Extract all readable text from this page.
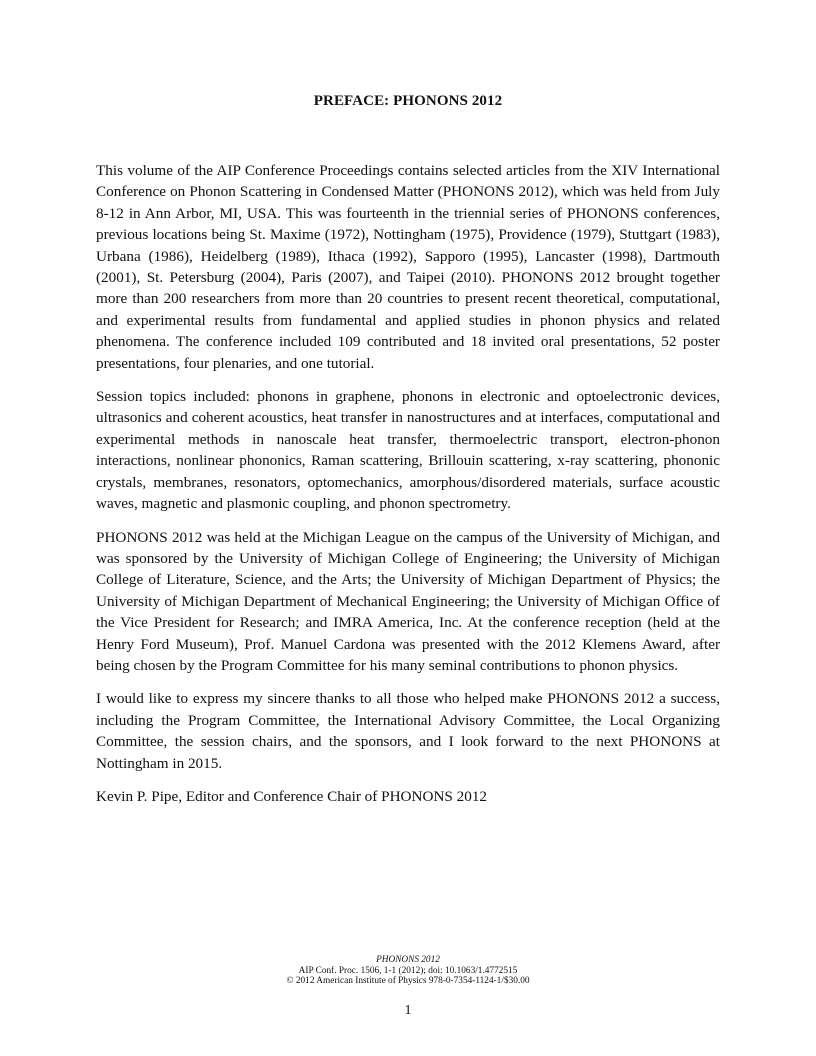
PREFACE: PHONONS 2012

This volume of the AIP Conference Proceedings contains selected articles from the XIV International Conference on Phonon Scattering in Condensed Matter (PHONONS 2012), which was held from July 8-12 in Ann Arbor, MI, USA. This was fourteenth in the triennial series of PHONONS conferences, previous locations being St. Maxime (1972), Nottingham (1975), Providence (1979), Stuttgart (1983), Urbana (1986), Heidelberg (1989), Ithaca (1992), Sapporo (1995), Lancaster (1998), Dartmouth (2001), St. Petersburg (2004), Paris (2007), and Taipei (2010). PHONONS 2012 brought together more than 200 researchers from more than 20 countries to present recent theoretical, computational, and experimental results from fundamental and applied studies in phonon physics and related phenomena. The conference included 109 contributed and 18 invited oral presentations, 52 poster presentations, four plenaries, and one tutorial.

Session topics included: phonons in graphene, phonons in electronic and optoelectronic devices, ultrasonics and coherent acoustics, heat transfer in nanostructures and at interfaces, computational and experimental methods in nanoscale heat transfer, thermoelectric transport, electron-phonon interactions, nonlinear phononics, Raman scattering, Brillouin scattering, x-ray scattering, phononic crystals, membranes, resonators, optomechanics, amorphous/disordered materials, surface acoustic waves, magnetic and plasmonic coupling, and phonon spectrometry.

PHONONS 2012 was held at the Michigan League on the campus of the University of Michigan, and was sponsored by the University of Michigan College of Engineering; the University of Michigan College of Literature, Science, and the Arts; the University of Michigan Department of Physics; the University of Michigan Department of Mechanical Engineering; the University of Michigan Office of the Vice President for Research; and IMRA America, Inc. At the conference reception (held at the Henry Ford Museum), Prof. Manuel Cardona was presented with the 2012 Klemens Award, after being chosen by the Program Committee for his many seminal contributions to phonon physics.

I would like to express my sincere thanks to all those who helped make PHONONS 2012 a success, including the Program Committee, the International Advisory Committee, the Local Organizing Committee, the session chairs, and the sponsors, and I look forward to the next PHONONS at Nottingham in 2015.

Kevin P. Pipe, Editor and Conference Chair of PHONONS 2012

PHONONS 2012
AIP Conf. Proc. 1506, 1-1 (2012); doi: 10.1063/1.4772515
© 2012 American Institute of Physics 978-0-7354-1124-1/$30.00
1
